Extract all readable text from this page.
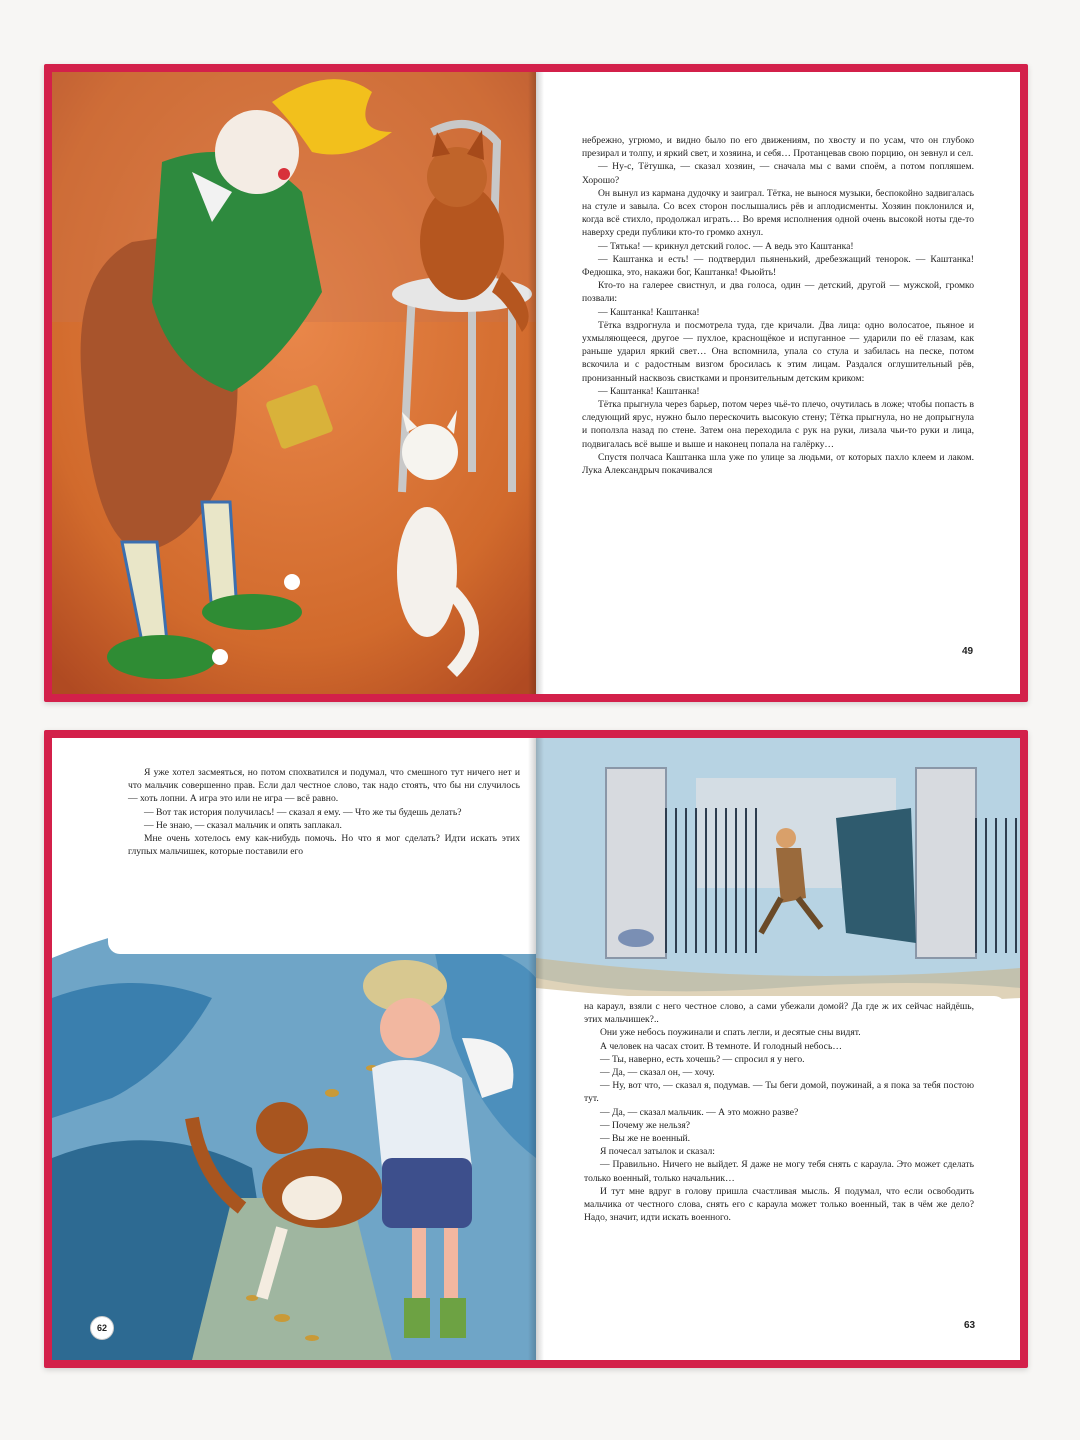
небрежно, угрюмо, и видно было по его движениям, по хвосту и по усам, что он глубоко презирал и толпу, и яркий свет, и хозяина, и себя… Протанцевав свою порцию, он зевнул и сел.

— Ну-с, Тётушка, — сказал хозяин, — сначала мы с вами споём, а потом попляшем. Хорошо?

Он вынул из кармана дудочку и заиграл. Тётка, не вынося музыки, беспокойно задвигалась на стуле и завыла. Со всех сторон послышались рёв и аплодисменты. Хозяин поклонился и, когда всё стихло, продолжал играть… Во время исполнения одной очень высокой ноты где-то наверху среди публики кто-то громко ахнул.

— Тятька! — крикнул детский голос. — А ведь это Каштанка!

— Каштанка и есть! — подтвердил пьяненький, дребезжащий тенорок. — Каштанка! Федюшка, это, накажи бог, Каштанка! Фьюйть!

Кто-то на галерее свистнул, и два голоса, один — детский, другой — мужской, громко позвали:

— Каштанка! Каштанка!

Тётка вздрогнула и посмотрела туда, где кричали. Два лица: одно волосатое, пьяное и ухмыляющееся, другое — пухлое, краснощёкое и испуганное — ударили по её глазам, как раньше ударил яркий свет… Она вспомнила, упала со стула и забилась на песке, потом вскочила и с радостным визгом бросилась к этим лицам. Раздался оглушительный рёв, пронизанный насквозь свистками и пронзительным детским криком:

— Каштанка! Каштанка!

Тётка прыгнула через барьер, потом через чьё-то плечо, очутилась в ложе; чтобы попасть в следующий ярус, нужно было перескочить высокую стену; Тётка прыгнула, но не допрыгнула и поползла назад по стене. Затем она переходила с рук на руки, лизала чьи-то руки и лица, подвигалась всё выше и выше и наконец попала на галёрку…

Спустя полчаса Каштанка шла уже по улице за людьми, от которых пахло клеем и лаком. Лука Александрыч покачивался

49

Я уже хотел засмеяться, но потом спохватился и подумал, что смешного тут ничего нет и что мальчик совершенно прав. Если дал честное слово, так надо стоять, что бы ни случилось — хоть лопни. А игра это или не игра — всё равно.

— Вот так история получилась! — сказал я ему. — Что же ты будешь делать?

— Не знаю, — сказал мальчик и опять заплакал.

Мне очень хотелось ему как-нибудь помочь. Но что я мог сделать? Идти искать этих глупых мальчишек, которые поставили его

62

на караул, взяли с него честное слово, а сами убежали домой? Да где ж их сейчас найдёшь, этих мальчишек?..

Они уже небось поужинали и спать легли, и десятые сны видят.

А человек на часах стоит. В темноте. И голодный небось…

— Ты, наверно, есть хочешь? — спросил я у него.

— Да, — сказал он, — хочу.

— Ну, вот что, — сказал я, подумав. — Ты беги домой, поужинай, а я пока за тебя постою тут.

— Да, — сказал мальчик. — А это можно разве?

— Почему же нельзя?

— Вы же не военный.

Я почесал затылок и сказал:

— Правильно. Ничего не выйдет. Я даже не могу тебя снять с караула. Это может сделать только военный, только начальник…

И тут мне вдруг в голову пришла счастливая мысль. Я подумал, что если освободить мальчика от честного слова, снять его с караула может только военный, так в чём же дело? Надо, значит, идти искать военного.

63
